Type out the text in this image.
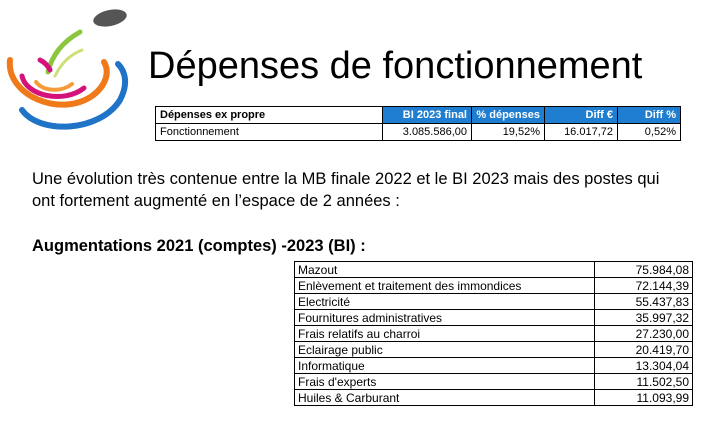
Dépenses de fonctionnement
Dépenses ex propre	BI 2023 final	% dépenses	Diff €	Diff %
Fonctionnement	3.085.586,00	19,52%	16.017,72	0,52%
Une évolution très contenue entre la MB finale 2022 et le BI 2023 mais des postes qui
ont fortement augmenté en l’espace de 2 années :
Augmentations 2021 (comptes) -2023 (BI) :
Mazout	75.984,08
Enlèvement et traitement des immondices	72.144,39
Electricité	55.437,83
Fournitures administratives	35.997,32
Frais relatifs au charroi	27.230,00
Eclairage public	20.419,70
Informatique	13.304,04
Frais d'experts	11.502,50
Huiles & Carburant	11.093,99
